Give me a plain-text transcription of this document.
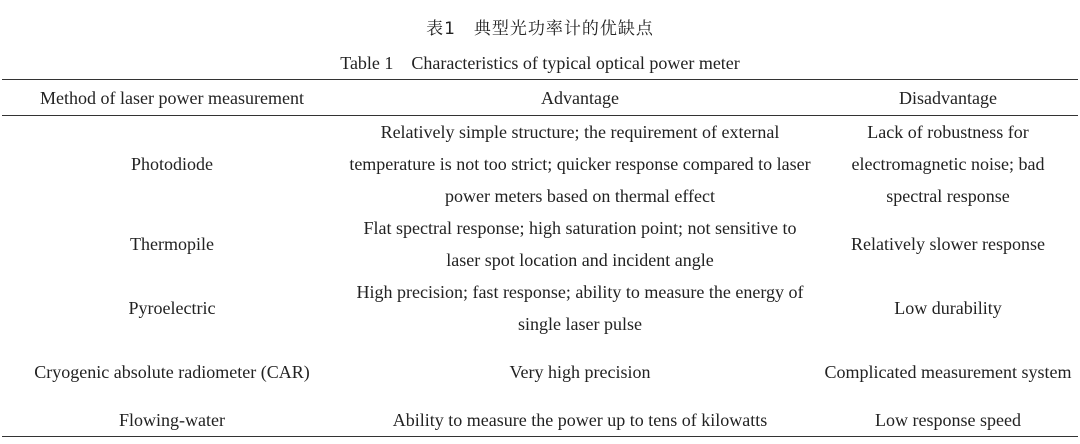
表1　典型光功率计的优缺点
Table 1　Characteristics of typical optical power meter
Method of laser power measurement	Advantage	Disadvantage
Photodiode	Relatively simple structure; the requirement of external temperature is not too strict; quicker response compared to laser power meters based on thermal effect	Lack of robustness for electromagnetic noise; bad spectral response
Thermopile	Flat spectral response; high saturation point; not sensitive to laser spot location and incident angle	Relatively slower response
Pyroelectric	High precision; fast response; ability to measure the energy of single laser pulse	Low durability
Cryogenic absolute radiometer (CAR)	Very high precision	Complicated measurement system
Flowing-water	Ability to measure the power up to tens of kilowatts	Low response speed
